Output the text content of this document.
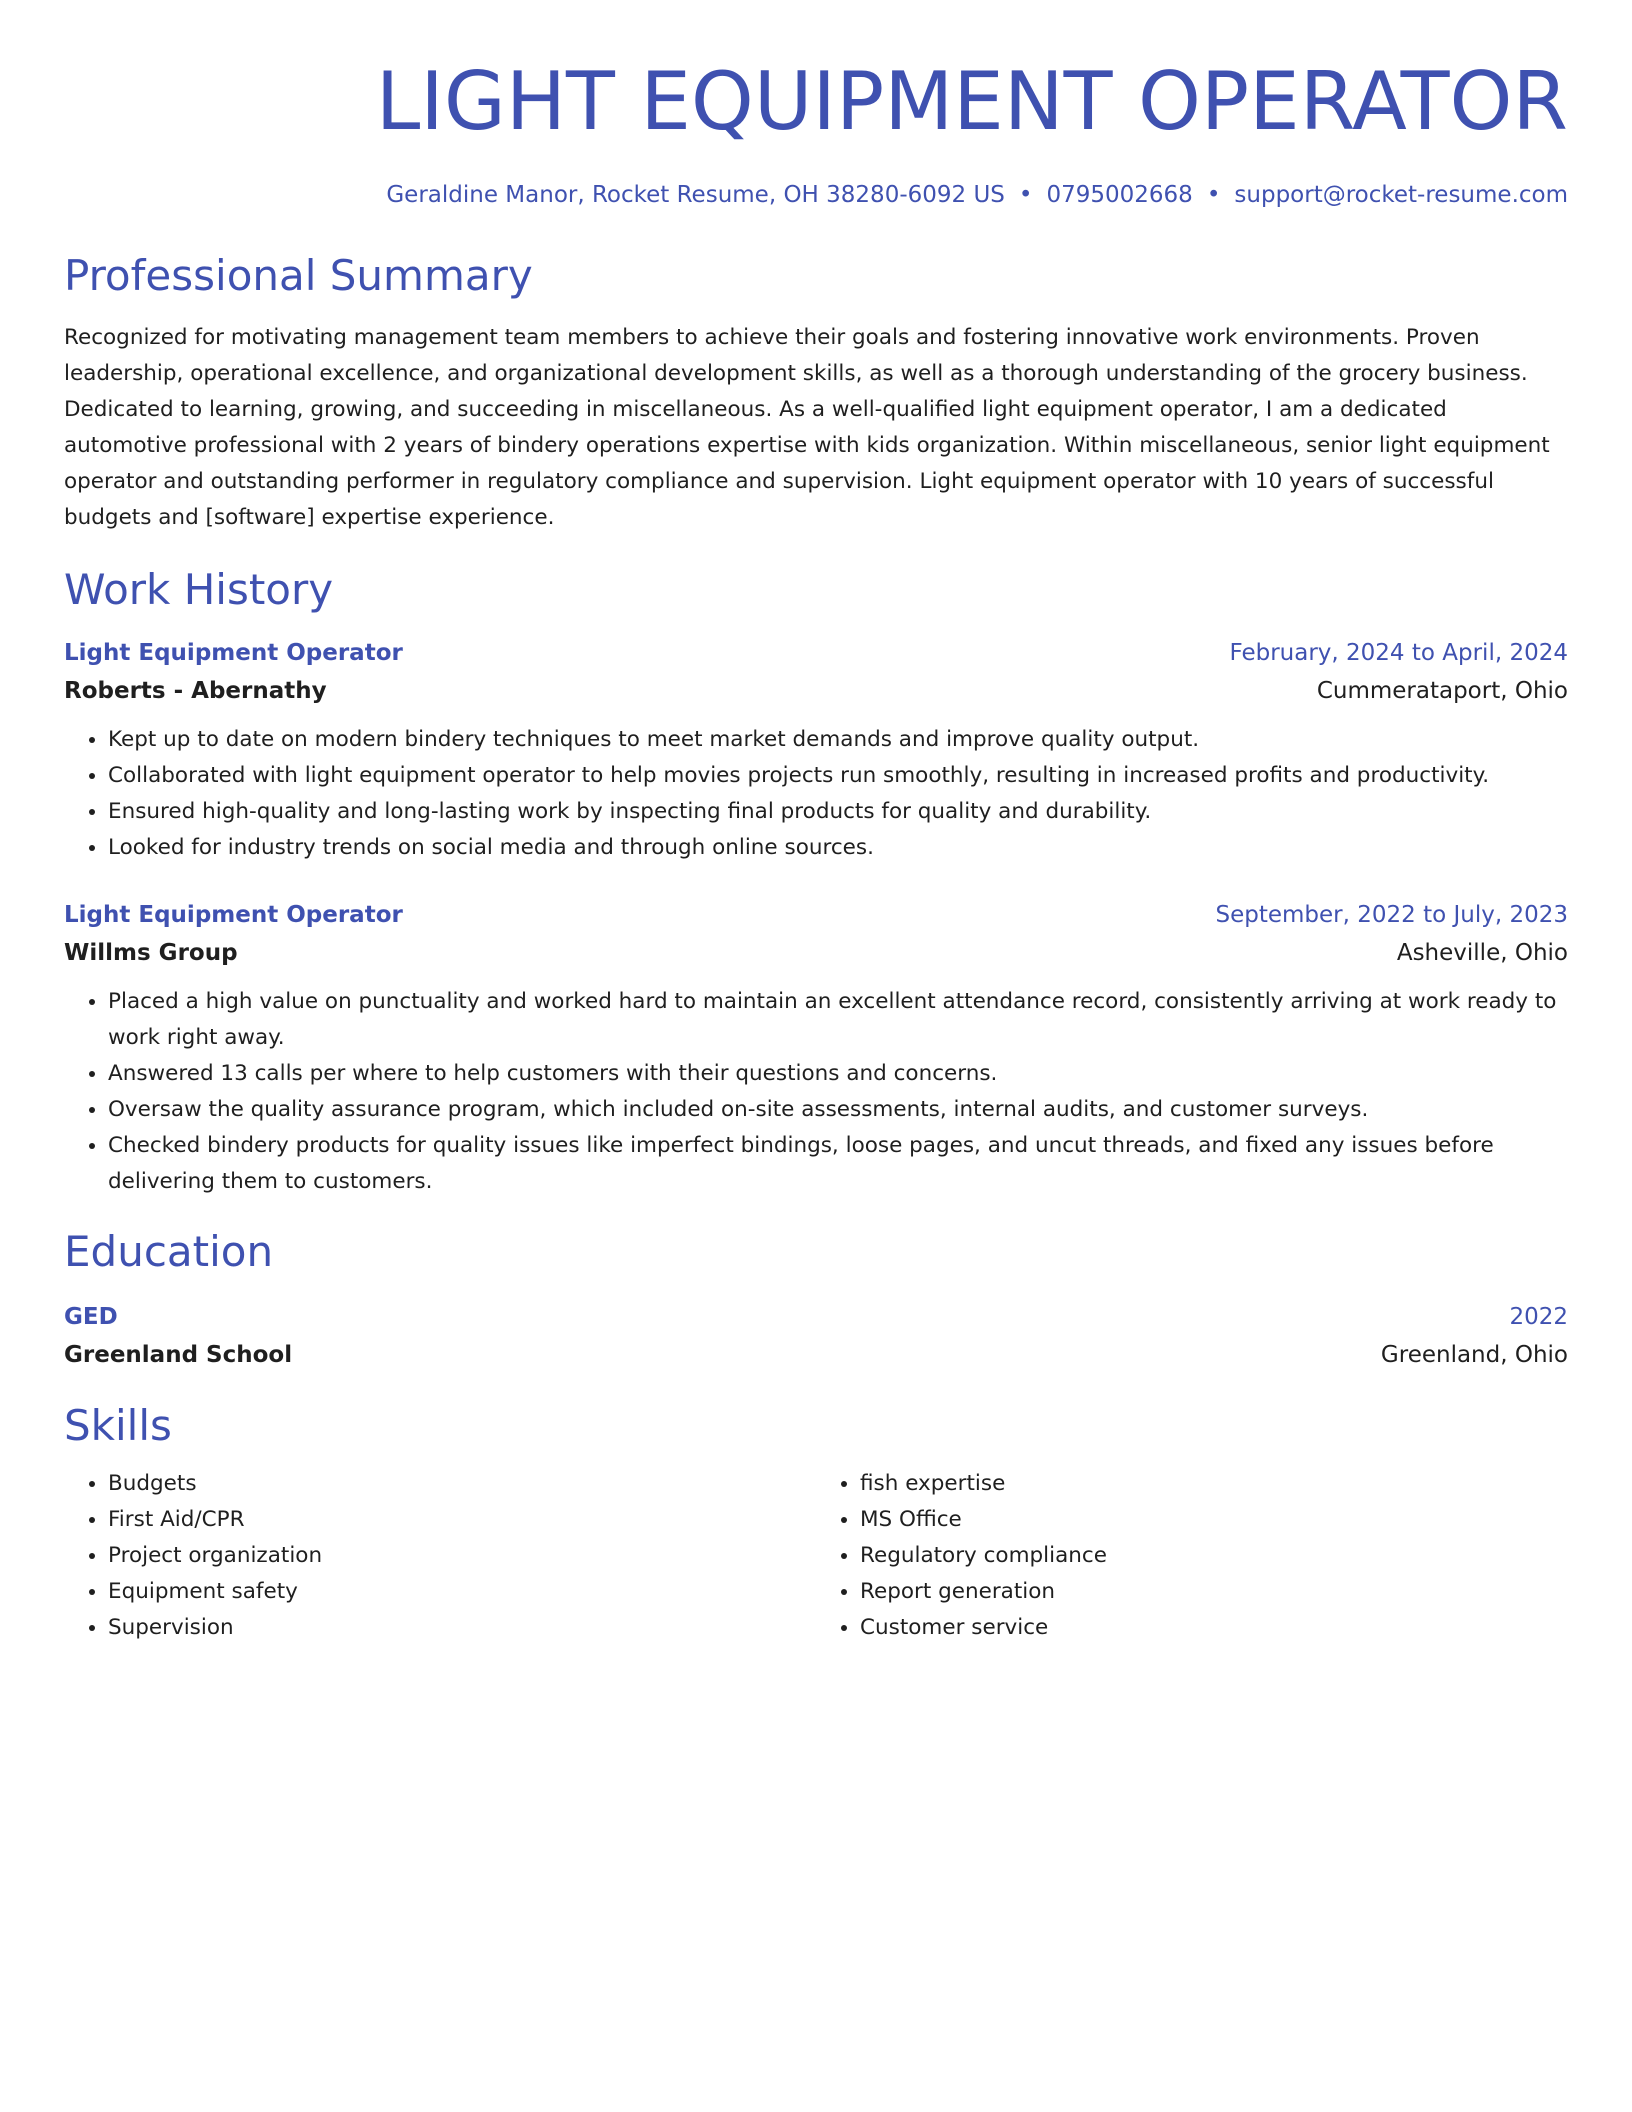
LIGHT EQUIPMENT OPERATOR
Geraldine Manor, Rocket Resume, OH 38280-6092 US • 0795002668 • support@rocket-resume.com
Professional Summary

Recognized for motivating management team members to achieve their goals and fostering innovative work environments. Proven leadership, operational excellence, and organizational development skills, as well as a thorough understanding of the grocery business. Dedicated to learning, growing, and succeeding in miscellaneous. As a well-qualified light equipment operator, I am a dedicated automotive professional with 2 years of bindery operations expertise with kids organization. Within miscellaneous, senior light equipment operator and outstanding performer in regulatory compliance and supervision. Light equipment operator with 10 years of successful budgets and [software] expertise experience.

Work History
Light Equipment Operator	February, 2024 to April, 2024
Roberts - Abernathy	Cummerataport, Ohio
• Kept up to date on modern bindery techniques to meet market demands and improve quality output.
• Collaborated with light equipment operator to help movies projects run smoothly, resulting in increased profits and productivity.
• Ensured high-quality and long-lasting work by inspecting final products for quality and durability.
• Looked for industry trends on social media and through online sources.
Light Equipment Operator	September, 2022 to July, 2023
Willms Group	Asheville, Ohio
• Placed a high value on punctuality and worked hard to maintain an excellent attendance record, consistently arriving at work ready to work right away.
• Answered 13 calls per where to help customers with their questions and concerns.
• Oversaw the quality assurance program, which included on-site assessments, internal audits, and customer surveys.
• Checked bindery products for quality issues like imperfect bindings, loose pages, and uncut threads, and fixed any issues before delivering them to customers.
Education
GED	2022
Greenland School	Greenland, Ohio
Skills
• Budgets
• First Aid/CPR
• Project organization
• Equipment safety
• Supervision
• fish expertise
• MS Office
• Regulatory compliance
• Report generation
• Customer service
